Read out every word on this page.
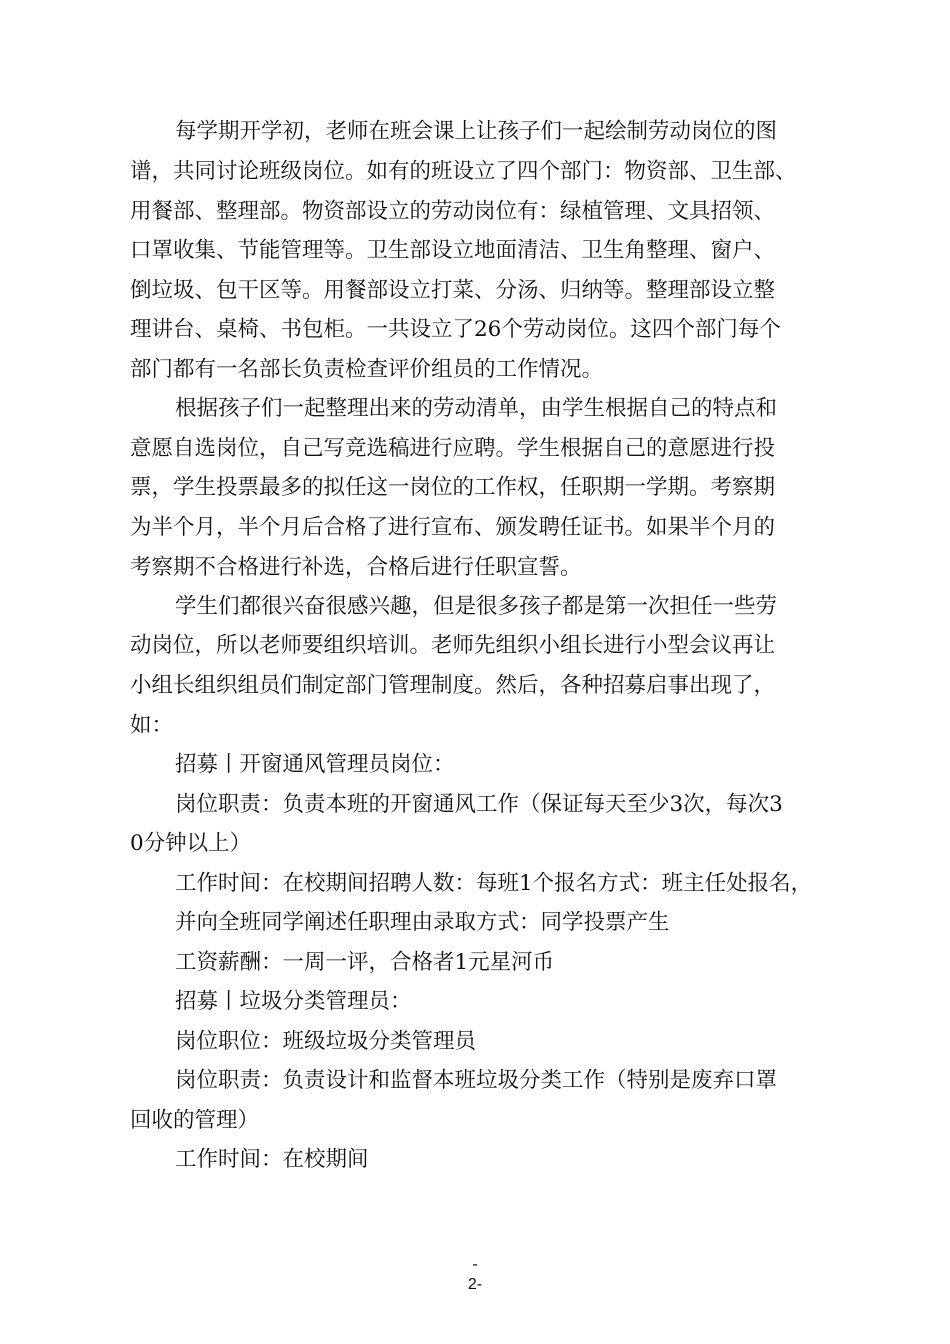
每学期开学初，老师在班会课上让孩子们一起绘制劳动岗位的图
谱，共同讨论班级岗位。如有的班设立了四个部门：物资部、卫生部、
用餐部、整理部。物资部设立的劳动岗位有：绿植管理、文具招领、
口罩收集、节能管理等。卫生部设立地面清洁、卫生角整理、窗户、
倒垃圾、包干区等。用餐部设立打菜、分汤、归纳等。整理部设立整
理讲台、桌椅、书包柜。一共设立了26个劳动岗位。这四个部门每个
部门都有一名部长负责检查评价组员的工作情况。
根据孩子们一起整理出来的劳动清单，由学生根据自己的特点和
意愿自选岗位，自己写竞选稿进行应聘。学生根据自己的意愿进行投
票，学生投票最多的拟任这一岗位的工作权，任职期一学期。考察期
为半个月，半个月后合格了进行宣布、颁发聘任证书。如果半个月的
考察期不合格进行补选，合格后进行任职宣誓。
学生们都很兴奋很感兴趣，但是很多孩子都是第一次担任一些劳
动岗位，所以老师要组织培训。老师先组织小组长进行小型会议再让
小组长组织组员们制定部门管理制度。然后，各种招募启事出现了，
如：
招募丨开窗通风管理员岗位：
岗位职责：负责本班的开窗通风工作（保证每天至少3次，每次3
0分钟以上）
工作时间：在校期间招聘人数：每班1个报名方式：班主任处报名，
并向全班同学阐述任职理由录取方式：同学投票产生
工资薪酬：一周一评，合格者1元星河币
招募丨垃圾分类管理员：
岗位职位：班级垃圾分类管理员
岗位职责：负责设计和监督本班垃圾分类工作（特别是废弃口罩
回收的管理）
工作时间：在校期间
-
2-
